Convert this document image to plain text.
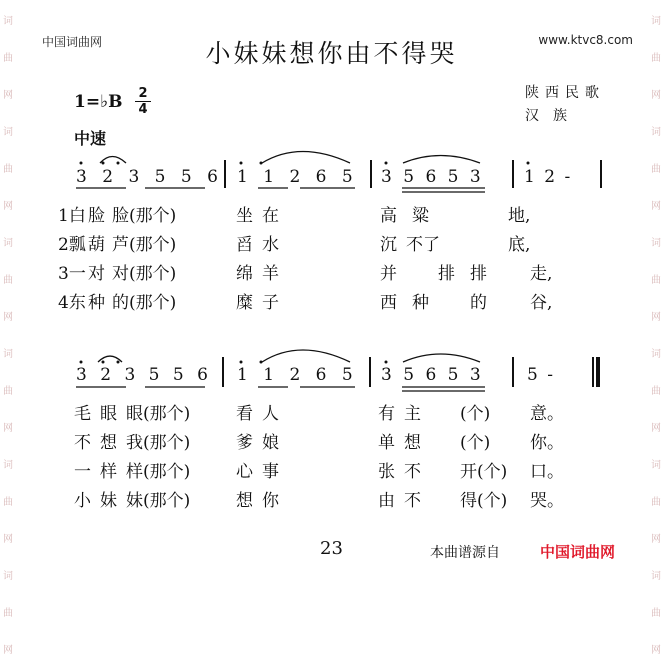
词
曲
网
词
曲
网
词
曲
网
词
曲
网
词
曲
网
词
曲
网
词
曲
网
词
曲
网
词
曲
网
词
曲
网
词
曲
网
词
曲
网
中国词曲网	www.ktvc8.com
小妹妹想你由不得哭
1=♭B 2
4
中速
陕西民歌
汉族
3 2 3 5 5 6 1 1 2 6 5 3 5 6 5 3 1 2 -
1白 脸 脸(那个)	坐 在	高 粱	地,
2瓢 葫 芦(那个)	舀 水	沉 不了	底,
3一 对 对(那个)	绵 羊	并 排 排	走,
4东 种 的(那个)	糜 子	西 种 的	谷,
3 2 3 5 5 6 1 1 2 6 5 3 5 6 5 3	5 -
毛 眼 眼(那个)	看 人	有 主 (个) 意。
不 想 我(那个)	爹 娘	单 想 (个) 你。
一 样 样(那个)	心 事	张 不 开(个) 口。
小 妹 妹(那个)	想 你	由 不 得(个) 哭。
23	本曲谱源自	中国词曲网
